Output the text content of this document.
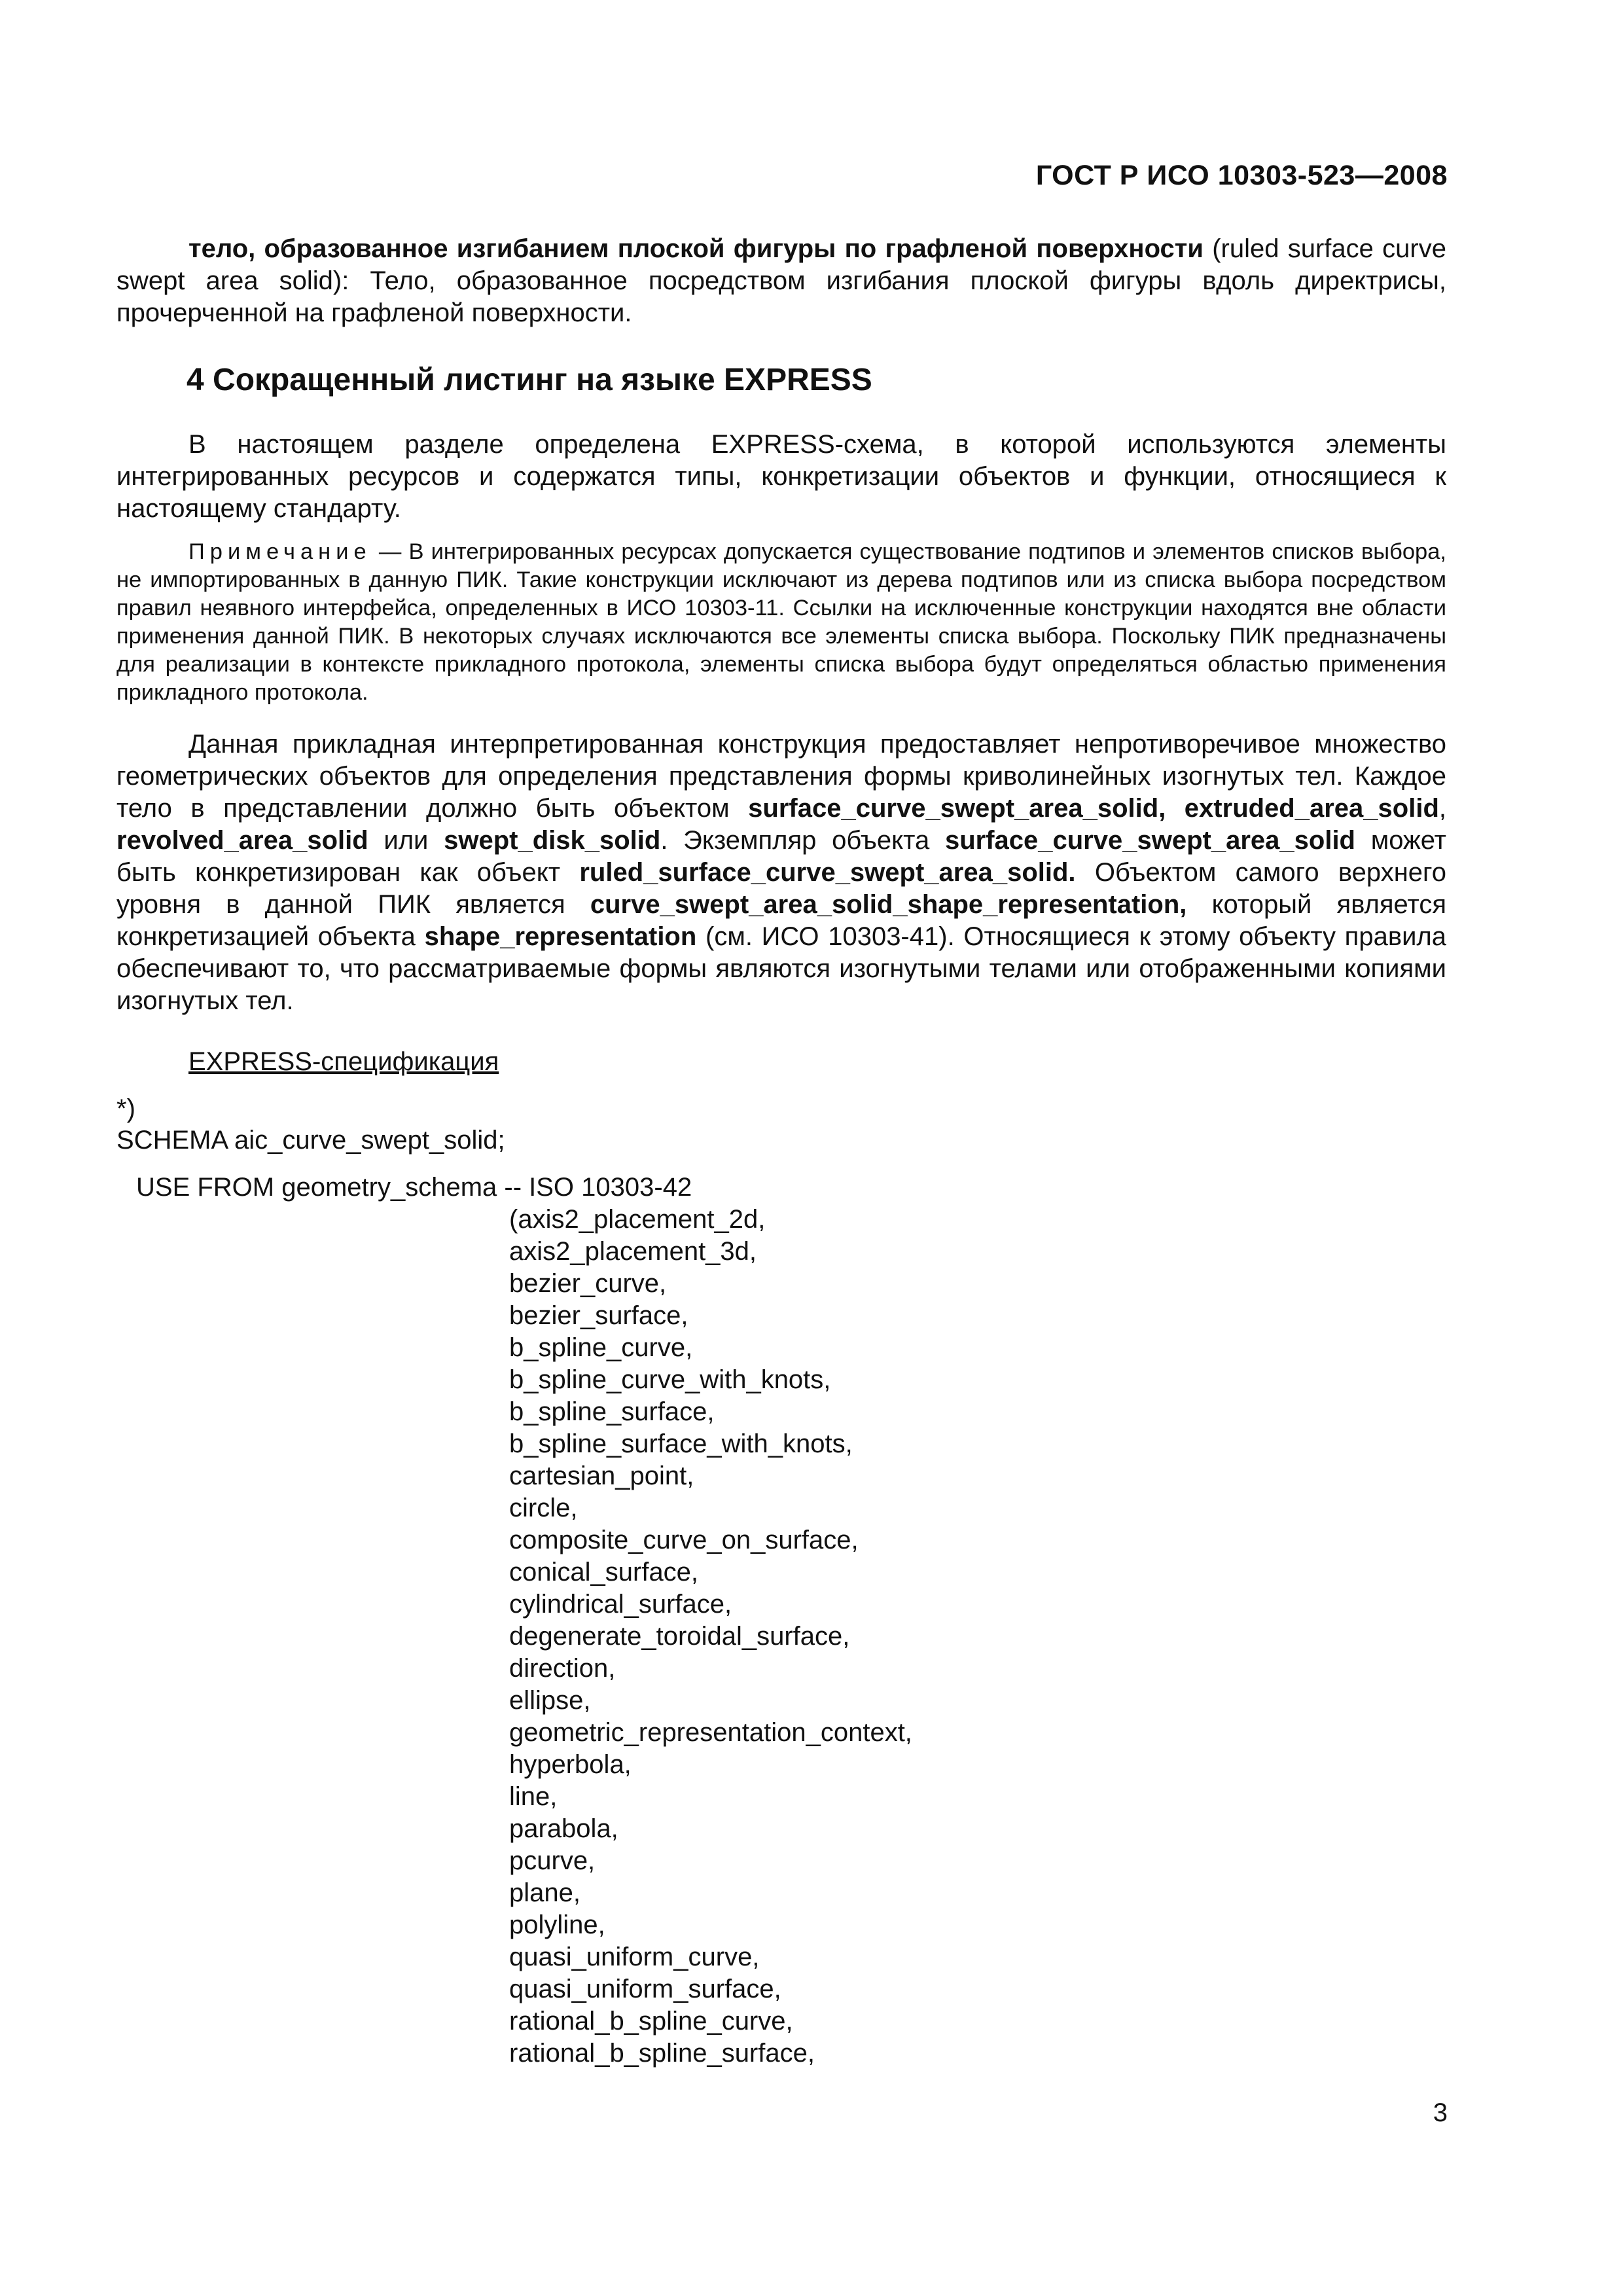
ГОСТ Р ИСО 10303-523—2008

тело, образованное изгибанием плоской фигуры по графленой поверхности (ruled surface curve swept area solid): Тело, образованное посредством изгибания плоской фигуры вдоль директрисы, прочерченной на графленой поверхности.

4 Сокращенный листинг на языке EXPRESS

В настоящем разделе определена EXPRESS-схема, в которой используются элементы интегрированных ресурсов и содержатся типы, конкретизации объектов и функции, относящиеся к настоящему стандарту.

Примечание — В интегрированных ресурсах допускается существование подтипов и элементов списков выбора, не импортированных в данную ПИК. Такие конструкции исключают из дерева подтипов или из списка выбора посредством правил неявного интерфейса, определенных в ИСО 10303-11. Ссылки на исключенные конструкции находятся вне области применения данной ПИК. В некоторых случаях исключаются все элементы списка выбора. Поскольку ПИК предназначены для реализации в контексте прикладного протокола, элементы списка выбора будут определяться областью применения прикладного протокола.

Данная прикладная интерпретированная конструкция предоставляет непротиворечивое множество геометрических объектов для определения представления формы криволинейных изогнутых тел. Каждое тело в представлении должно быть объектом surface_curve_swept_area_solid, extruded_area_solid, revolved_area_solid или swept_disk_solid. Экземпляр объекта surface_curve_swept_area_solid может быть конкретизирован как объект ruled_surface_curve_swept_area_solid. Объектом самого верхнего уровня в данной ПИК является curve_swept_area_solid_shape_representation, который является конкретизацией объекта shape_representation (см. ИСО 10303-41). Относящиеся к этому объекту правила обеспечивают то, что рассматриваемые формы являются изогнутыми телами или отображенными копиями изогнутых тел.

EXPRESS-спецификация
*)
SCHEMA aic_curve_swept_solid;
USE FROM geometry_schema -- ISO 10303-42
(axis2_placement_2d,
axis2_placement_3d,
bezier_curve,
bezier_surface,
b_spline_curve,
b_spline_curve_with_knots,
b_spline_surface,
b_spline_surface_with_knots,
cartesian_point,
circle,
composite_curve_on_surface,
conical_surface,
cylindrical_surface,
degenerate_toroidal_surface,
direction,
ellipse,
geometric_representation_context,
hyperbola,
line,
parabola,
pcurve,
plane,
polyline,
quasi_uniform_curve,
quasi_uniform_surface,
rational_b_spline_curve,
rational_b_spline_surface,
3
